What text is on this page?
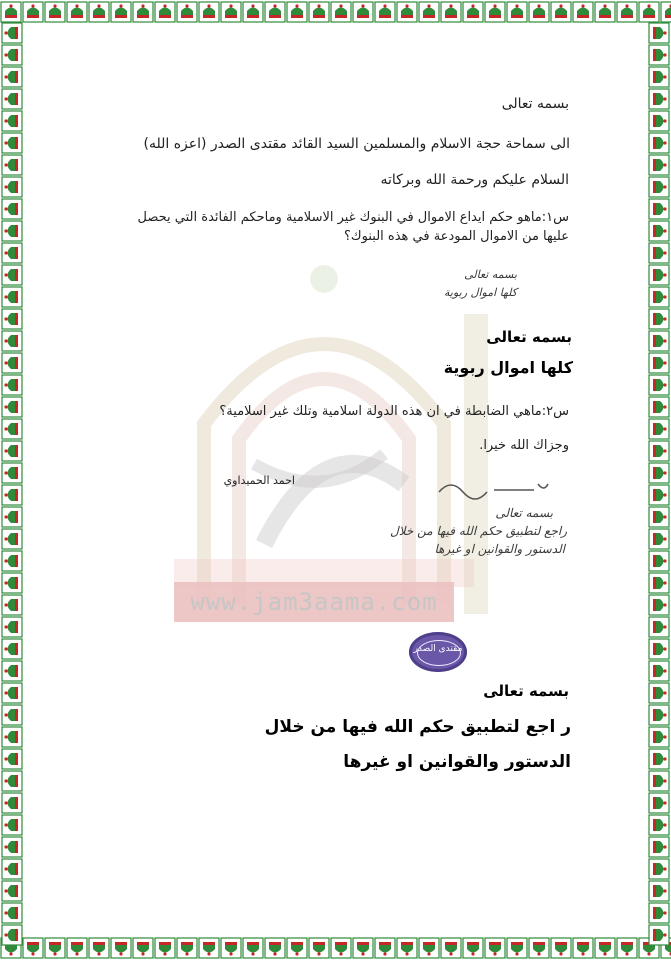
www.jam3aama.com
بسمه تعالى
الى سماحة حجة الاسلام والمسلمين السيد القائد مقتدى الصدر (اعزه الله)
السلام عليكم ورحمة الله وبركاته
س١:ماهو حكم ايداع الاموال في البنوك غير الاسلامية وماحكم الفائدة التي يحصل
عليها من الاموال المودعة في هذه البنوك؟
بسمه تعالى
كلها اموال ربوية
بسمه تعالى
كلها اموال ربوية
س٢:ماهي الضابطة في ان هذه الدولة اسلامية وتلك غير اسلامية؟
وجزاك الله خيرا.
احمد الحميداوي
بسمه تعالى
راجع لتطبيق حكم الله فيها من خلال
الدستور والقوانين او غيرها
مقتدى الصدر
بسمه تعالى
ر اجع لتطبيق حكم الله فيها من خلال
الدستور والقوانين او غيرها
